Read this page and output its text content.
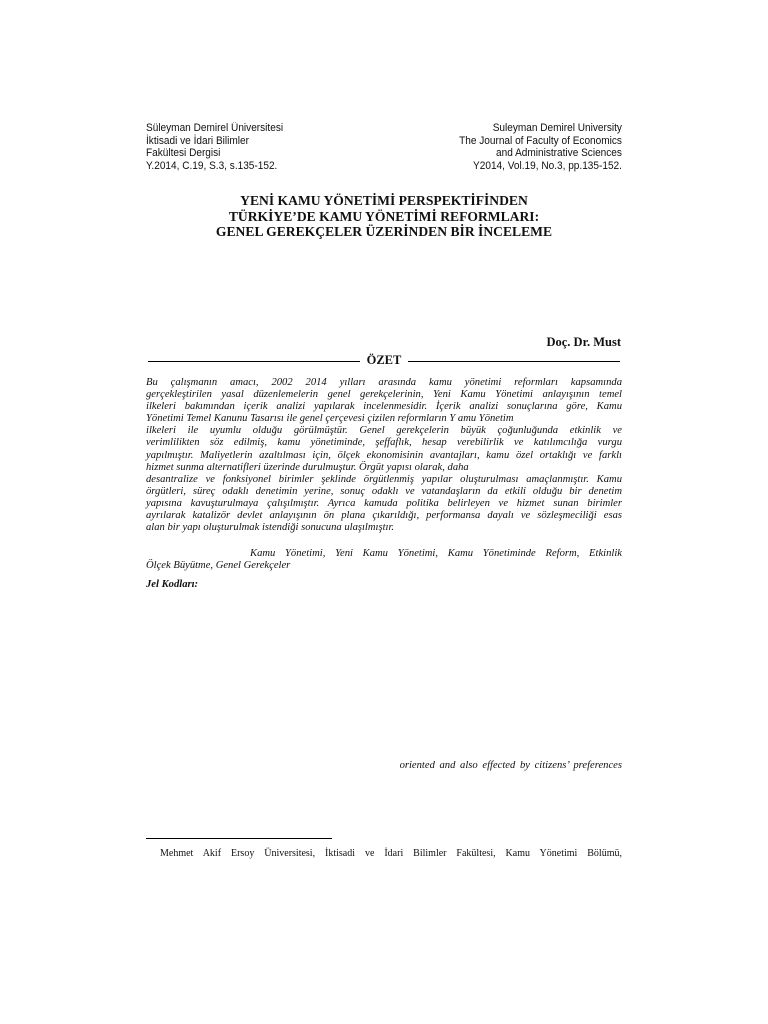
Süleyman Demirel Üniversitesi
İktisadi ve İdari Bilimler
Fakültesi Dergisi
Y.2014, C.19, S.3, s.135-152.
Suleyman Demirel University
The Journal of Faculty of Economics
and Administrative Sciences
Y2014, Vol.19, No.3, pp.135-152.
YENİ KAMU YÖNETİMİ PERSPEKTİFİNDEN
TÜRKİYE’DE KAMU YÖNETİMİ REFORMLARI:
GENEL GEREKÇELER ÜZERİNDEN BİR İNCELEME
Doç. Dr. Must
ÖZET
Bu çalışmanın amacı, 2002 2014 yılları arasında kamu yönetimi reformları kapsamında
gerçekleştirilen yasal düzenlemelerin genel gerekçelerinin, Yeni Kamu Yönetimi anlayışının temel
ilkeleri bakımından içerik analizi yapılarak incelenmesidir. İçerik analizi sonuçlarına göre, Kamu
Yönetimi Temel Kanunu Tasarısı ile genel çerçevesi çizilen reformların Y amu Yönetim
ilkeleri ile uyumlu olduğu görülmüştür. Genel gerekçelerin büyük çoğunluğunda etkinlik ve
verimlilikten söz edilmiş, kamu yönetiminde, şeffaflık, hesap verebilirlik ve katılımcılığa vurgu
yapılmıştır. Maliyetlerin azaltılması için, ölçek ekonomisinin avantajları, kamu özel ortaklığı ve farklı
hizmet sunma alternatifleri üzerinde durulmuştur. Örgüt yapısı olarak, daha
desantralize ve fonksiyonel birimler şeklinde örgütlenmiş yapılar oluşturulması amaçlanmıştır. Kamu
örgütleri, süreç odaklı denetimin yerine, sonuç odaklı ve vatandaşların da etkili olduğu bir denetim
yapısına kavuşturulmaya çalışılmıştır. Ayrıca kamuda politika belirleyen ve hizmet sunan birimler
ayrılarak katalizör devlet anlayışının ön plana çıkarıldığı, performansa dayalı ve sözleşmeciliği esas
alan bir yapı oluşturulmak istendiği sonucuna ulaşılmıştır.
Kamu Yönetimi, Yeni Kamu Yönetimi, Kamu Yönetiminde Reform, Etkinlik
Ölçek Büyütme, Genel Gerekçeler
Jel Kodları:
oriented and also effected by citizens’ preferences
Mehmet Akif Ersoy Üniversitesi, İktisadi ve İdari Bilimler Fakültesi, Kamu Yönetimi Bölümü,
